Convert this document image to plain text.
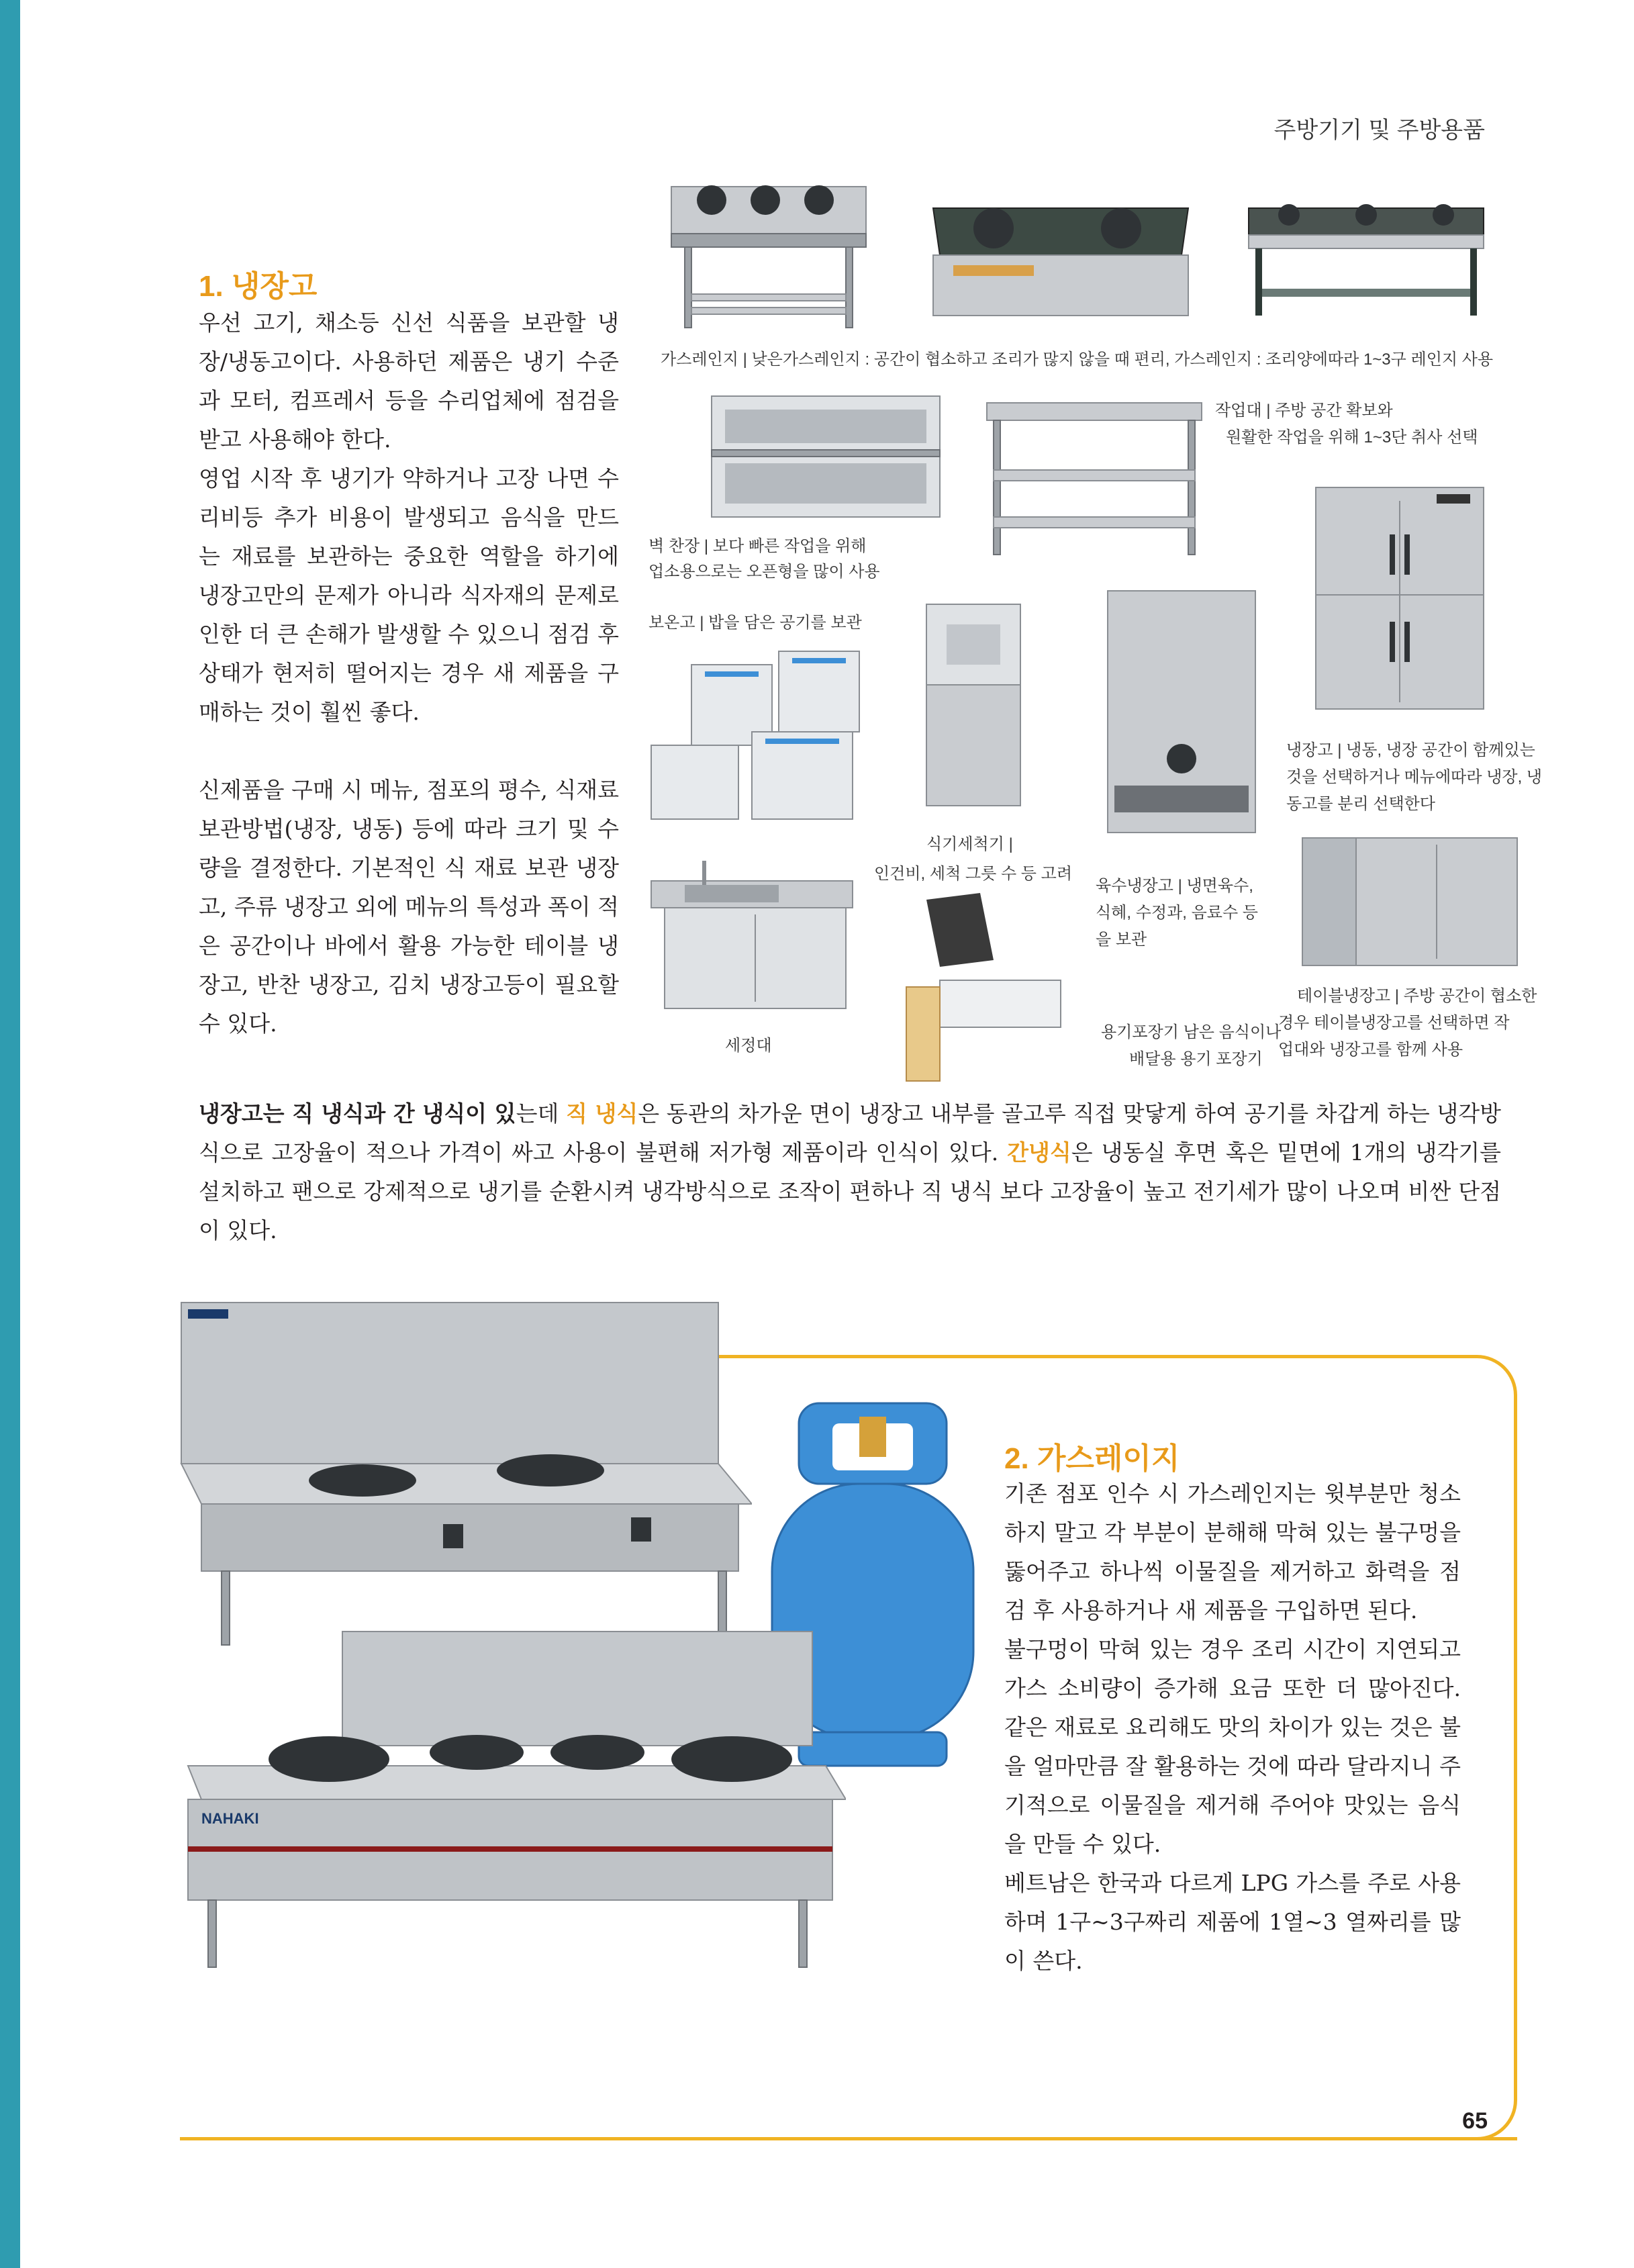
주방기기 및 주방용품
1. 냉장고

우선 고기, 채소등 신선 식품을 보관할 냉장/냉동고이다. 사용하던 제품은 냉기 수준과 모터, 컴프레서 등을 수리업체에 점검을 받고 사용해야 한다.

영업 시작 후 냉기가 약하거나 고장 나면 수리비등 추가 비용이 발생되고 음식을 만드는 재료를 보관하는 중요한 역할을 하기에 냉장고만의 문제가 아니라 식자재의 문제로 인한 더 큰 손해가 발생할 수 있으니 점검 후 상태가 현저히 떨어지는 경우 새 제품을 구매하는 것이 훨씬 좋다.

신제품을 구매 시 메뉴, 점포의 평수, 식재료 보관방법(냉장, 냉동) 등에 따라 크기 및 수량을 결정한다. 기본적인 식 재료 보관 냉장고, 주류 냉장고 외에 메뉴의 특성과 폭이 적은 공간이나 바에서 활용 가능한 테이블 냉장고, 반찬 냉장고, 김치 냉장고등이 필요할 수 있다.

가스레인지 | 낮은가스레인지 : 공간이 협소하고 조리가 많지 않을 때 편리, 가스레인지 : 조리양에따라 1~3구 레인지 사용
작업대 | 주방 공간 확보와
원활한 작업을 위해 1~3단 취사 선택
벽 찬장 | 보다 빠른 작업을 위해
업소용으로는 오픈형을 많이 사용
보온고 | 밥을 담은 공기를 보관
냉장고 | 냉동, 냉장 공간이 함께있는
것을 선택하거나 메뉴에따라 냉장, 냉
동고를 분리 선택한다
식기세척기 |
인건비, 세척 그릇 수 등 고려
육수냉장고 | 냉면육수,
식혜, 수정과, 음료수 등
을 보관
세정대
용기포장기 남은 음식이나
배달용 용기 포장기
테이블냉장고 | 주방 공간이 협소한
경우 테이블냉장고를 선택하면 작
업대와 냉장고를 함께 사용

냉장고는 직 냉식과 간 냉식이 있는데 직 냉식은 동관의 차가운 면이 냉장고 내부를 골고루 직접 맞닿게 하여 공기를 차갑게 하는 냉각방식으로 고장율이 적으나 가격이 싸고 사용이 불편해 저가형 제품이라 인식이 있다. 간냉식은 냉동실 후면 혹은 밑면에 1개의 냉각기를 설치하고 팬으로 강제적으로 냉기를 순환시켜 냉각방식으로 조작이 편하나 직 냉식 보다 고장율이 높고 전기세가 많이 나오며 비싼 단점이 있다.

NAHAKI
2. 가스레이지

기존 점포 인수 시 가스레인지는 윗부분만 청소하지 말고 각 부분이 분해해 막혀 있는 불구멍을 뚫어주고 하나씩 이물질을 제거하고 화력을 점검 후 사용하거나 새 제품을 구입하면 된다.

불구멍이 막혀 있는 경우 조리 시간이 지연되고 가스 소비량이 증가해 요금 또한 더 많아진다. 같은 재료로 요리해도 맛의 차이가 있는 것은 불을 얼마만큼 잘 활용하는 것에 따라 달라지니 주기적으로 이물질을 제거해 주어야 맛있는 음식을 만들 수 있다.

베트남은 한국과 다르게 LPG 가스를 주로 사용하며 1구~3구짜리 제품에 1열~3 열짜리를 많이 쓴다.

65
